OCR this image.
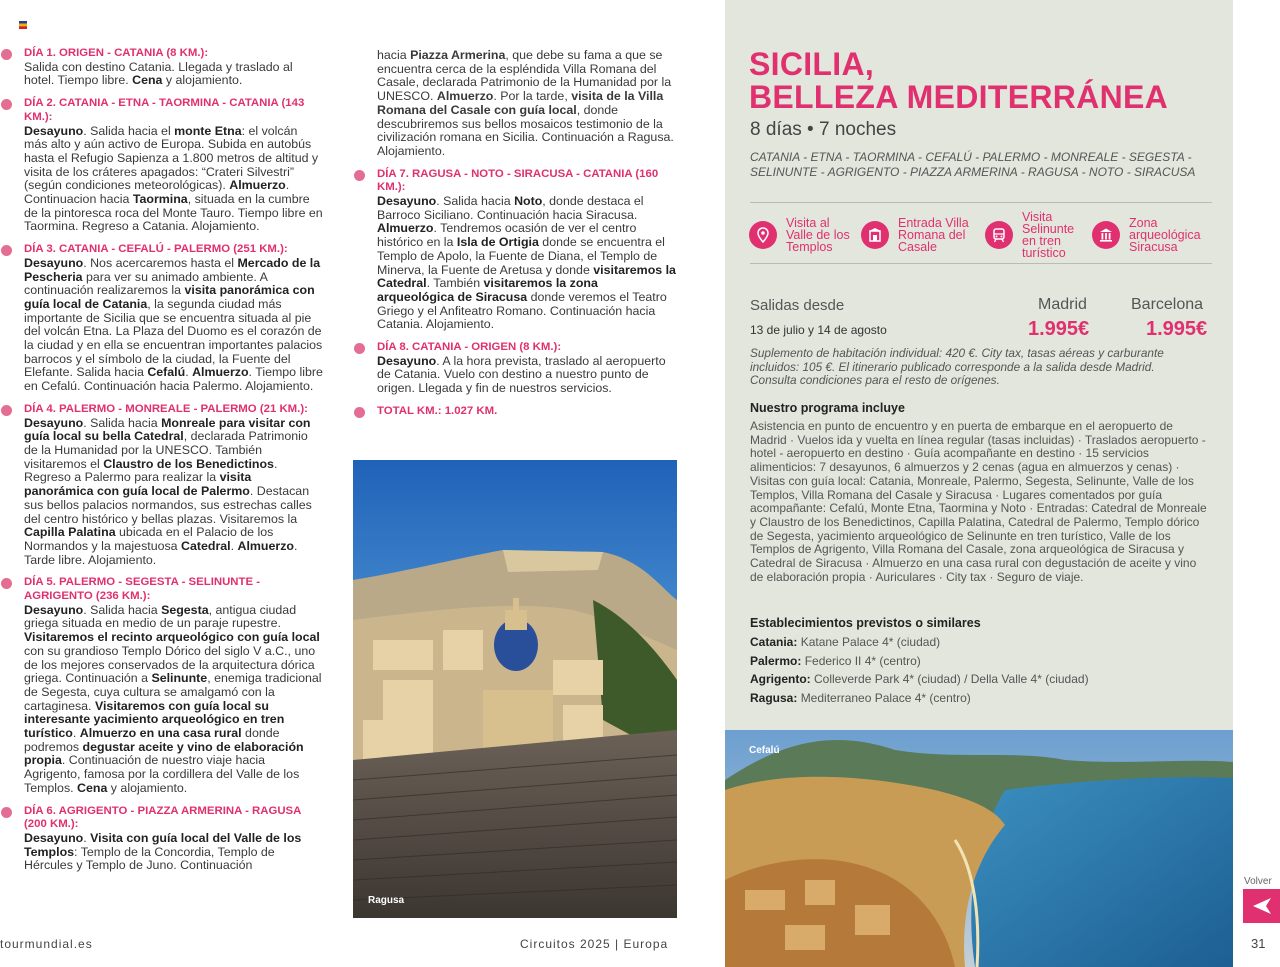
DÍA 1. ORIGEN - CATANIA (8 KM.):
Salida con destino Catania. Llegada y traslado al hotel. Tiempo libre. Cena y alojamiento.
DÍA 2. CATANIA - ETNA - TAORMINA - CATANIA (143 KM.):
Desayuno. Salida hacia el monte Etna: el volcán más alto y aún activo de Europa. Subida en autobús hasta el Refugio Sapienza a 1.800 metros de altitud y visita de los cráteres apagados: “Crateri Silvestri” (según condiciones meteorológicas). Almuerzo. Continuacion hacia Taormina, situada en la cumbre de la pintoresca roca del Monte Tauro. Tiempo libre en Taormina. Regreso a Catania. Alojamiento.
DÍA 3. CATANIA - CEFALÚ - PALERMO (251 KM.):
Desayuno. Nos acercaremos hasta el Mercado de la Pescheria para ver su animado ambiente. A continuación realizaremos la visita panorámica con guía local de Catania, la segunda ciudad más importante de Sicilia que se encuentra situada al pie del volcán Etna. La Plaza del Duomo es el corazón de la ciudad y en ella se encuentran importantes palacios barrocos y el símbolo de la ciudad, la Fuente del Elefante. Salida hacia Cefalú. Almuerzo. Tiempo libre en Cefalú. Continuación hacia Palermo. Alojamiento.
DÍA 4. PALERMO - MONREALE - PALERMO (21 KM.):
Desayuno. Salida hacia Monreale para visitar con guía local su bella Catedral, declarada Patrimonio de la Humanidad por la UNESCO. También visitaremos el Claustro de los Benedictinos. Regreso a Palermo para realizar la visita panorámica con guía local de Palermo. Destacan sus bellos palacios normandos, sus estrechas calles del centro histórico y bellas plazas. Visitaremos la Capilla Palatina ubicada en el Palacio de los Normandos y la majestuosa Catedral. Almuerzo. Tarde libre. Alojamiento.
DÍA 5. PALERMO - SEGESTA - SELINUNTE - AGRIGENTO (236 KM.):
Desayuno. Salida hacia Segesta, antigua ciudad griega situada en medio de un paraje rupestre. Visitaremos el recinto arqueológico con guía local con su grandioso Templo Dórico del siglo V a.C., uno de los mejores conservados de la arquitectura dórica griega. Continuación a Selinunte, enemiga tradicional de Segesta, cuya cultura se amalgamó con la cartaginesa. Visitaremos con guía local su interesante yacimiento arqueológico en tren turístico. Almuerzo en una casa rural donde podremos degustar aceite y vino de elaboración propia. Continuación de nuestro viaje hacia Agrigento, famosa por la cordillera del Valle de los Templos. Cena y alojamiento.
DÍA 6. AGRIGENTO - PIAZZA ARMERINA - RAGUSA (200 KM.):
Desayuno. Visita con guía local del Valle de los Templos: Templo de la Concordia, Templo de Hércules y Templo de Juno. Continuación
hacia Piazza Armerina, que debe su fama a que se encuentra cerca de la espléndida Villa Romana del Casale, declarada Patrimonio de la Humanidad por la UNESCO. Almuerzo. Por la tarde, visita de la Villa Romana del Casale con guía local, donde descubriremos sus bellos mosaicos testimonio de la civilización romana en Sicilia. Continuación a Ragusa. Alojamiento.
DÍA 7. RAGUSA - NOTO - SIRACUSA - CATANIA (160 KM.):
Desayuno. Salida hacia Noto, donde destaca el Barroco Siciliano. Continuación hacia Siracusa. Almuerzo. Tendremos ocasión de ver el centro histórico en la Isla de Ortigia donde se encuentra el Templo de Apolo, la Fuente de Diana, el Templo de Minerva, la Fuente de Aretusa y donde visitaremos la Catedral. También visitaremos la zona arqueológica de Siracusa donde veremos el Teatro Griego y el Anfiteatro Romano. Continuación hacia Catania. Alojamiento.
DÍA 8. CATANIA - ORIGEN (8 KM.):
Desayuno. A la hora prevista, traslado al aeropuerto de Catania. Vuelo con destino a nuestro punto de origen. Llegada y fin de nuestros servicios.
TOTAL KM.: 1.027 KM.
Ragusa
tourmundial.es	Circuitos 2025 | Europa
SICILIA,
BELLEZA MEDITERRÁNEA
8 días • 7 noches
CATANIA - ETNA - TAORMINA - CEFALÚ - PALERMO - MONREALE - SEGESTA - SELINUNTE - AGRIGENTO - PIAZZA ARMERINA - RAGUSA - NOTO - SIRACUSA
Visita al
Valle de los
Templos
Entrada Villa
Romana del
Casale
Visita
Selinunte
en tren
turístico
Zona
arqueológica
Siracusa
Salidas desde
13 de julio y 14 de agosto
Madrid	Barcelona
1.995€	1.995€
Suplemento de habitación individual: 420 €. City tax, tasas aéreas y carburante incluidos: 105 €. El itinerario publicado corresponde a la salida desde Madrid. Consulta condiciones para el resto de orígenes.
Nuestro programa incluye
Asistencia en punto de encuentro y en puerta de embarque en el aeropuerto de Madrid · Vuelos ida y vuelta en línea regular (tasas incluidas) · Traslados aeropuerto - hotel - aeropuerto en destino · Guía acompañante en destino · 15 servicios alimenticios: 7 desayunos, 6 almuerzos y 2 cenas (agua en almuerzos y cenas) · Visitas con guía local: Catania, Monreale, Palermo, Segesta, Selinunte, Valle de los Templos, Villa Romana del Casale y Siracusa · Lugares comentados por guía acompañante: Cefalú, Monte Etna, Taormina y Noto · Entradas: Catedral de Monreale y Claustro de los Benedictinos, Capilla Palatina, Catedral de Palermo, Templo dórico de Segesta, yacimiento arqueológico de Selinunte en tren turístico, Valle de los Templos de Agrigento, Villa Romana del Casale, zona arqueológica de Siracusa y Catedral de Siracusa · Almuerzo en una casa rural con degustación de aceite y vino de elaboración propia · Auriculares · City tax · Seguro de viaje.
Establecimientos previstos o similares
Catania: Katane Palace 4* (ciudad)
Palermo: Federico II 4* (centro)
Agrigento: Colleverde Park 4* (ciudad) / Della Valle 4* (ciudad)
Ragusa: Mediterraneo Palace 4* (centro)
Cefalú
Volver
31
